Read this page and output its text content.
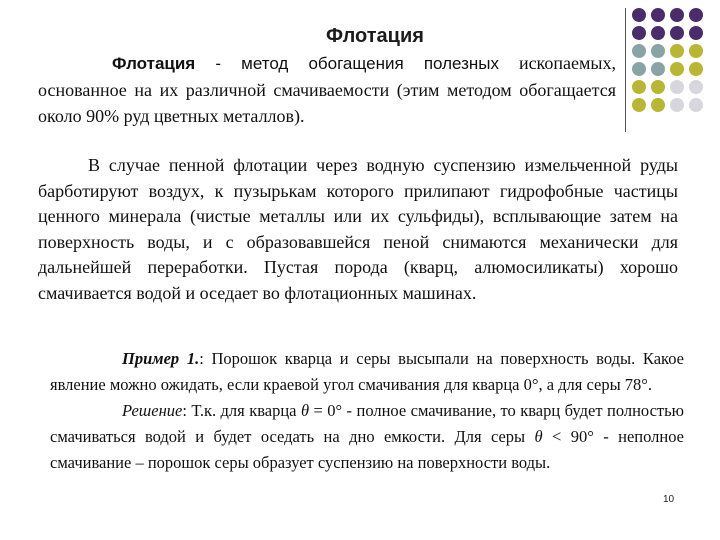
Флотация
Флотация - метод обогащения полезных ископаемых, основанное на их различной смачиваемости (этим методом обогащается около 90% руд цветных металлов).
В случае пенной флотации через водную суспензию измельченной руды барботируют воздух, к пузырькам которого прилипают гидрофобные частицы ценного минерала (чистые металлы или их сульфиды), всплывающие затем на поверхность воды, и с образовавшейся пеной снимаются механически для дальнейшей переработки. Пустая порода (кварц, алюмосиликаты) хорошо смачивается водой и оседает во флотационных машинах.
Пример 1.: Порошок кварца и серы высыпали на поверхность воды. Какое явление можно ожидать, если краевой угол смачивания для кварца 0°, а для серы 78°.
Решение: Т.к. для кварца θ = 0° - полное смачивание, то кварц будет полностью смачиваться водой и будет оседать на дно емкости. Для серы θ < 90° - неполное смачивание – порошок серы образует суспензию на поверхности воды.
10
